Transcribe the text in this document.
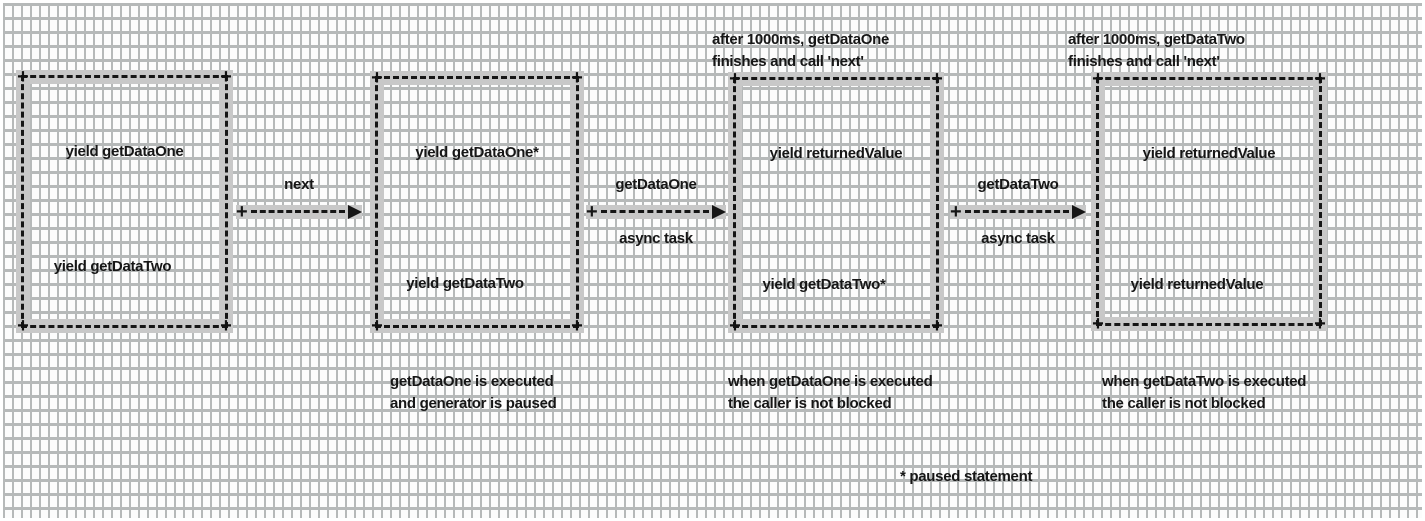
+	+
+	+
yield getDataOne
yield getDataTwo
+	+
+	+
yield getDataOne*
yield getDataTwo
+	+
+	+
yield returnedValue
yield getDataTwo*
+	+
+	+
yield returnedValue
yield returnedValue
+
next
+
getDataOne
async task
+
getDataTwo
async task
after 1000ms, getDataOne
finishes and call 'next'
after 1000ms, getDataTwo
finishes and call 'next'
getDataOne is executed
and generator is paused
when getDataOne is executed
the caller is not blocked
when getDataTwo is executed
the caller is not blocked
* paused statement
